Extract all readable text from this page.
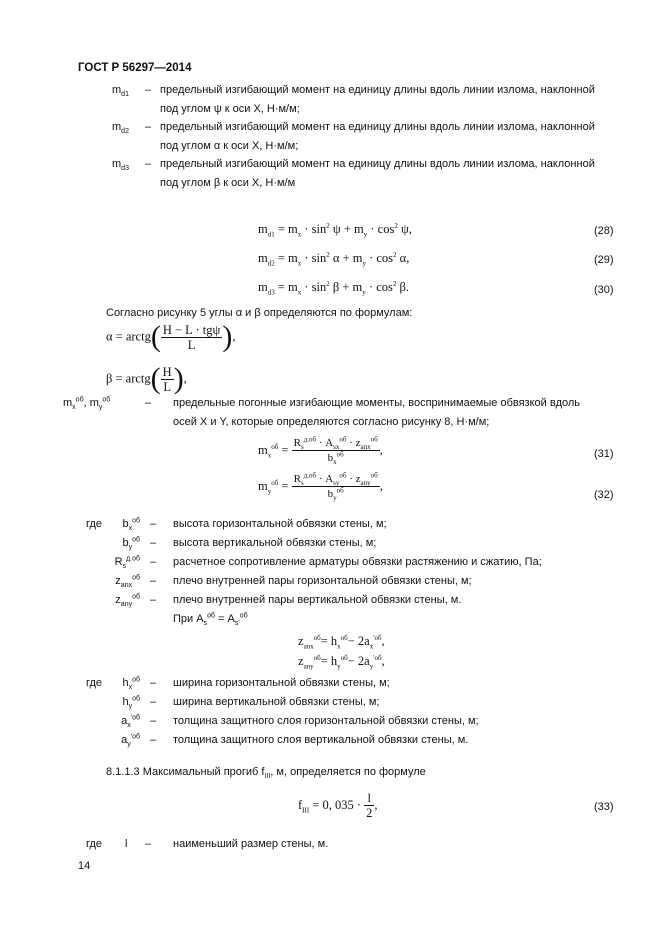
ГОСТ Р 56297—2014
$m_{d1}$ – предельный изгибающий момент на единицу длины вдоль линии излома, наклонной
под углом ψ к оси X, Н·м/м;
$m_{d2}$ – предельный изгибающий момент на единицу длины вдоль линии излома, наклонной
под углом α к оси X, Н·м/м;
$m_{d3}$ – предельный изгибающий момент на единицу длины вдоль линии излома, наклонной
под углом β к оси X, Н·м/м
$m_{d1} = m_x \cdot \sin^2 \psi + m_y \cdot \cos^2 \psi$,	(28)
$m_{d2} = m_x \cdot \sin^2 \alpha + m_y \cdot \cos^2 \alpha$,	(29)
$m_{d3} = m_x \cdot \sin^2 \beta + m_y \cdot \cos^2 \beta$.	(30)
Согласно рисунку 5 углы α и β определяются по формулам:
α = arctg( $\frac{\text{H − L · tgψ}}{L}$ ),
β = arctg( $\frac{H}{L}$ ),
$m_x^{об}$, $m_y^{об}$	– предельные погонные изгибающие моменты, воспринимаемые обвязкой вдоль
осей X и Y, которые определяются согласно рисунку 8, Н·м/м;
$m_x^{об} = \frac{R_s^{д.об} \cdot A_{sx}^{об} \cdot z_{anx}^{об}}{b_x^{об}}$ ,	(31)
$m_y^{об} = \frac{R_s^{д.об} \cdot A_{sy}^{об} \cdot z_{any}^{об}}{b_y^{об}}$ ,
(32)
где $b_x^{об}$ – высота горизонтальной обвязки стены, м;
$b_y^{об}$ – высота вертикальной обвязки стены, м;
$R_s^{д.об}$ – расчетное сопротивление арматуры обвязки растяжению и сжатию, Па;
$z_{anx}^{об}$ – плечо внутренней пары горизонтальной обвязки стены, м;
$z_{any}^{об}$ – плечо внутренней пары вертикальной обвязки стены, м.
При $A_s^{об} = A_{s'}^{об}$
$z_{anx}^{об}= h_x^{об}- 2a_x^{'об}$,
$z_{any}^{об}= h_y^{об}- 2a_y^{'об}$,
где $h_x^{об}$ – ширина горизонтальной обвязки стены, м;
$h_y^{об}$ – ширина вертикальной обвязки стены, м;
$a_x^{'об}$ – толщина защитного слоя горизонтальной обвязки стены, м;
$a_y^{'об}$ – толщина защитного слоя вертикальной обвязки стены, м.
8.1.1.3 Максимальный прогиб $f_{III}$, м, определяется по формуле
$f_{III} = 0$, $035 \cdot \frac{l}{2}$ ,	(33)
где l – наименьший размер стены, м.
14
